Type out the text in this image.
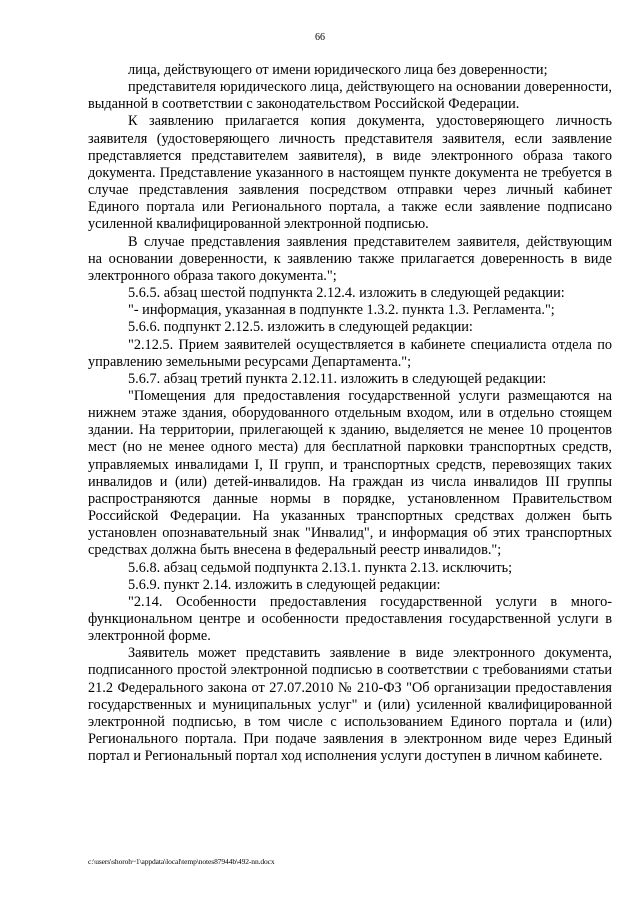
66

лица, действующего от имени юридического лица без доверенности;

представителя юридического лица, действующего на основании доверенности, выданной в соответствии с законодательством Российской Федерации.

К заявлению прилагается копия документа, удостоверяющего личность заявителя (удостоверяющего личность представителя заявителя, если заявление представляется представителем заявителя), в виде электронного образа такого документа. Представление указанного в настоящем пункте документа не требуется в случае представления заявления посредством отправки через личный кабинет Единого портала или Регионального портала, а также если заявление подписано усиленной квалифицированной электронной подписью.

В случае представления заявления представителем заявителя, действующим на основании доверенности, к заявлению также прилагается доверенность в виде электронного образа такого документа.";

5.6.5. абзац шестой подпункта 2.12.4. изложить в следующей редакции:

"- информация, указанная в подпункте 1.3.2. пункта 1.3. Регламента.";

5.6.6. подпункт 2.12.5. изложить в следующей редакции:

"2.12.5. Прием заявителей осуществляется в кабинете специалиста отдела по управлению земельными ресурсами Департамента.";

5.6.7. абзац третий пункта 2.12.11. изложить в следующей редакции:

"Помещения для предоставления государственной услуги размещаются на нижнем этаже здания, оборудованного отдельным входом, или в отдельно стоящем здании. На территории, прилегающей к зданию, выделяется не менее 10 процентов мест (но не менее одного места) для бесплатной парковки транспортных средств, управляемых инвалидами I, II групп, и транспортных средств, перевозящих таких инвалидов и (или) детей-инвалидов. На граждан из числа инвалидов III группы распространяются данные нормы в порядке, установленном Правительством Российской Федерации. На указанных транспортных средствах должен быть установлен опознавательный знак "Инвалид", и информация об этих транспортных средствах должна быть внесена в федеральный реестр инвалидов.";

5.6.8. абзац седьмой подпункта 2.13.1. пункта 2.13. исключить;

5.6.9. пункт 2.14. изложить в следующей редакции:

"2.14. Особенности предоставления государственной услуги в много-функциональном центре и особенности предоставления государственной услуги в электронной форме.

Заявитель может представить заявление в виде электронного документа, подписанного простой электронной подписью в соответствии с требованиями статьи 21.2 Федерального закона от 27.07.2010 № 210-ФЗ "Об организации предоставления государственных и муниципальных услуг" и (или) усиленной квалифицированной электронной подписью, в том числе с использованием Единого портала и (или) Регионального портала. При подаче заявления в электронном виде через Единый портал и Региональный портал ход исполнения услуги доступен в личном кабинете.

c:\users\shoroh~1\appdata\local\temp\notes87944b\492-nn.docx
